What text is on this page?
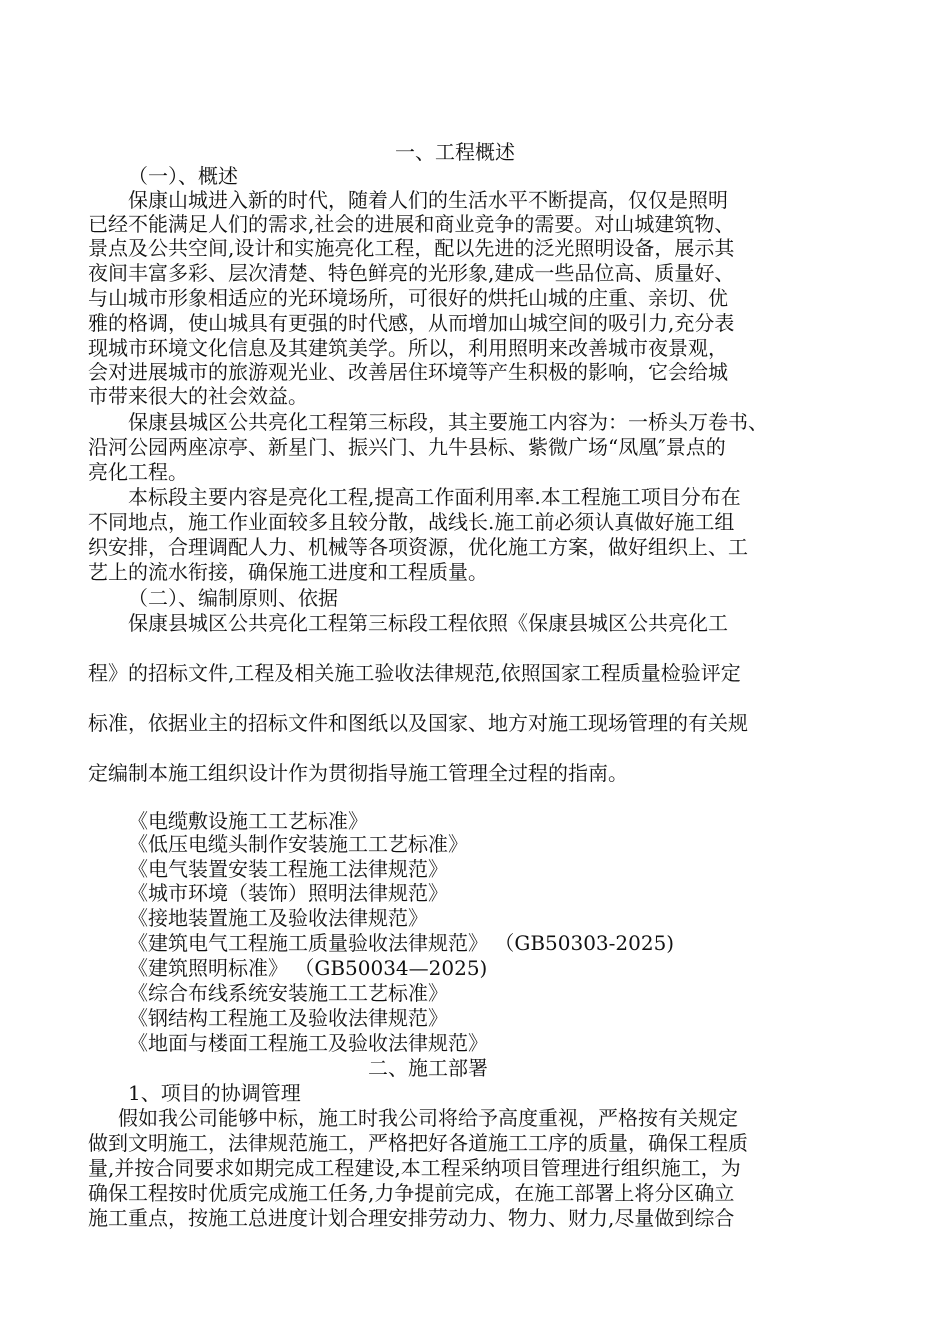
一、工程概述
（一）、概述
保康山城进入新的时代，随着人们的生活水平不断提高，仅仅是照明
已经不能满足人们的需求,社会的进展和商业竞争的需要。对山城建筑物、
景点及公共空间,设计和实施亮化工程，配以先进的泛光照明设备，展示其
夜间丰富多彩、层次清楚、特色鲜亮的光形象,建成一些品位高、质量好、
与山城市形象相适应的光环境场所，可很好的烘托山城的庄重、亲切、优
雅的格调，使山城具有更强的时代感，从而增加山城空间的吸引力,充分表
现城市环境文化信息及其建筑美学。所以，利用照明来改善城市夜景观，
会对进展城市的旅游观光业、改善居住环境等产生积极的影响，它会给城
市带来很大的社会效益。
保康县城区公共亮化工程第三标段，其主要施工内容为：一桥头万卷书、
沿河公园两座凉亭、新星门、振兴门、九牛县标、紫微广场“凤凰″景点的
亮化工程。
本标段主要内容是亮化工程,提高工作面利用率.本工程施工项目分布在
不同地点，施工作业面较多且较分散，战线长.施工前必须认真做好施工组
织安排，合理调配人力、机械等各项资源，优化施工方案，做好组织上、工
艺上的流水衔接，确保施工进度和工程质量。
（二）、编制原则、依据
保康县城区公共亮化工程第三标段工程依照《保康县城区公共亮化工
程》的招标文件,工程及相关施工验收法律规范,依照国家工程质量检验评定
标准，依据业主的招标文件和图纸以及国家、地方对施工现场管理的有关规
定编制本施工组织设计作为贯彻指导施工管理全过程的指南。
《电缆敷设施工工艺标准》
《低压电缆头制作安装施工工艺标准》
《电气装置安装工程施工法律规范》
《城市环境（装饰）照明法律规范》
《接地装置施工及验收法律规范》
《建筑电气工程施工质量验收法律规范》 （GB50303-2025)
《建筑照明标准》 （GB50034—2025)
《综合布线系统安装施工工艺标准》
《钢结构工程施工及验收法律规范》
《地面与楼面工程施工及验收法律规范》
二、施工部署
1、项目的协调管理
假如我公司能够中标，施工时我公司将给予高度重视，严格按有关规定
做到文明施工，法律规范施工，严格把好各道施工工序的质量，确保工程质
量,并按合同要求如期完成工程建设,本工程采纳项目管理进行组织施工，为
确保工程按时优质完成施工任务,力争提前完成，在施工部署上将分区确立
施工重点，按施工总进度计划合理安排劳动力、物力、财力,尽量做到综合
